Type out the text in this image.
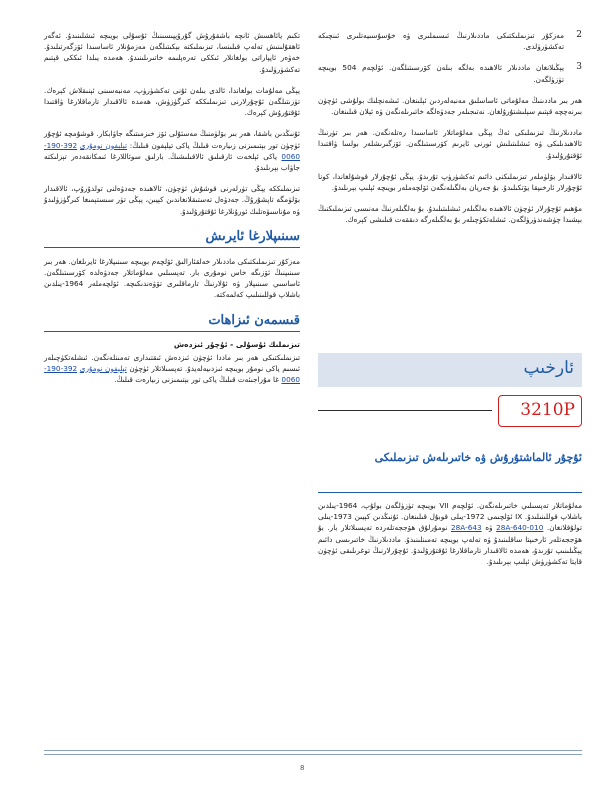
تكىم يائاھسش ئانچە باشقۇرۇش گۇرۇپپىسىنىڭ ئۇسۇلى بويىچە ئىشلىنىدۇ. ئەگەر ئاھقۇلىنىش تەلەپ قىلىنسا، تىزىملىكتە بېكىتىلگەن مەزمۇنلار ئاساسىدا ئۆزگەرتىلىدۇ. خەۋەر ئاپپاراتى بولغانلار ئىككى تەرەپلىمە خاتىرىلىنىدۇ. ھەمدە يىلدا ئىككى قېتىم تەكشۈرۈلىدۇ.

يېڭى مەلۇمات بولغاندا، ئالدى بىلەن ئۇنى تەكشۈرۈپ، مەنبەسىنى ئېنىقلاش كېرەك. تۈزىتىلگەن ئۇچۇرلارنى تىزىملىككە كىرگۈزۈش، ھەمدە ئالاقىدار تارماقلارغا ۋاقتىدا ئۇقتۇرۇش كېرەك.

ئۇنىڭدىن باشقا، ھەر بىر بۆلۈمنىڭ مەسئۇلى ئۆز خىزمىتىگە جاۋابكار. قوشۇمچە ئۇچۇر ئۈچۈن تور بېتىمىزنى زىيارەت قىلىڭ ياكى تېلېفون قىلىڭ: تېلېفون نومۇرى 392-190-0060 ياكى ئېلخەت ئارقىلىق ئالاقىلىشىڭ. بارلىق سوئاللارغا ئىمكانقەدەر تېزلىكتە جاۋاب بېرىلىدۇ.

تىزىملىككە يېڭى تۈرلەرنى قوشۇش ئۈچۈن، ئالاھىدە جەدۋەلنى تولدۇرۇپ، ئالاقىدار بۆلۈمگە تاپشۇرۇڭ. جەدۋەل تەستىقلانغاندىن كېيىن، يېڭى تۈر سىستېمىغا كىرگۈزۈلىدۇ ۋە مۇناسىۋەتلىك ئورۇنلارغا ئۇقتۇرۇلىدۇ.

سىنىپلارغا ئايرىش

مەزكۇر تىزىملىكتىكى ماددىلار خەلقئارالىق ئۆلچەم بويىچە سىنىپلارغا ئايرىلغان. ھەر بىر سىنىپنىڭ ئۆزىگە خاس نومۇرى بار. تەپسىلىي مەلۇماتلار جەدۋەلدە كۆرسىتىلگەن. ئاساسىي سىنىپلار ۋە ئۇلارنىڭ تارماقلىرى تۆۋەندىكىچە. ئۆلچەملەر 1964-يىلدىن باشلاپ قوللىنىلىپ كەلمەكتە.

قىسمەن ئىزاھات
تىزىملىك ئۇسۇلى - ئۇچۇر ئىزدەش

تىزىملىكتىكى ھەر بىر ماددا ئۈچۈن ئىزدەش ئىقتىدارى تەمىنلەنگەن. ئىشلەتكۈچىلەر ئىسىم ياكى نومۇر بويىچە ئىزدىيەلەيدۇ. تەپسىلاتلار ئۈچۈن تېلېفون نومۇرى 392-190-0060 غا مۇراجىئەت قىلىڭ ياكى تور بېتىمىزنى زىيارەت قىلىڭ.

2

مەزكۇر تىزىملىكتىكى ماددىلارنىڭ ئىسىملىرى ۋە خۇسۇسىيەتلىرى ئىنچىكە تەكشۈرۈلدى.

3

يېڭىلانغان ماددىلار ئالاھىدە بەلگە بىلەن كۆرسىتىلگەن. ئۆلچەم 504 بويىچە تۈزۈلگەن.

ھەر بىر ماددىنىڭ مەلۇماتى ئاساسلىق مەنبەلەردىن ئېلىنغان. ئىشەنچلىك بولۇشى ئۈچۈن بىرنەچچە قېتىم سېلىشتۇرۇلغان. نەتىجىلەر جەدۋەلگە خاتىرىلەنگەن ۋە ئېلان قىلىنغان.

ماددىلارنىڭ تىزىملىكى ئەڭ يېڭى مەلۇماتلار ئاساسىدا رەتلەنگەن. ھەر بىر تۈرنىڭ ئالاھىدىلىكى ۋە ئىشلىتىلىش ئورنى ئايرىم كۆرسىتىلگەن. ئۆزگىرىشلەر بولسا ۋاقتىدا ئۇقتۇرۇلىدۇ.

ئالاقىدار بۆلۈملەر تىزىملىكنى دائىم تەكشۈرۈپ تۇرىدۇ. يېڭى ئۇچۇرلار قوشۇلغاندا، كونا ئۇچۇرلار ئارخىپقا يۆتكىلىدۇ. بۇ جەريان بەلگىلەنگەن ئۆلچەملەر بويىچە ئېلىپ بېرىلىدۇ.

مۇھىم ئۇچۇرلار ئۈچۈن ئالاھىدە بەلگىلەر ئىشلىتىلىدۇ. بۇ بەلگىلەرنىڭ مەنىسى تىزىملىكنىڭ بېشىدا چۈشەندۈرۈلگەن. ئىشلەتكۈچىلەر بۇ بەلگىلەرگە دىققەت قىلىشى كېرەك.

ئارخىپ
3210P
ئۇچۇر ئالماشتۇرۇش ۋە خاتىرىلەش تىزىملىكى

مەلۇماتلار تەپسىلىي خاتىرىلەنگەن. ئۆلچەم VII بويىچە تۈزۈلگەن بولۇپ، 1964-يىلدىن باشلاپ قوللىنىلىدۇ. IX ئۆلچىمى 1972-يىلى قوبۇل قىلىنغان. ئۇنىڭدىن كېيىن 1973-يىلى تولۇقلانغان. 28A-640-010 ۋە 28A-643 نومۇرلۇق ھۆججەتلەردە تەپسىلاتلار بار. بۇ ھۆججەتلەر ئارخىپتا ساقلىنىدۇ ۋە تەلەپ بويىچە تەمىنلىنىدۇ. ماددىلارنىڭ خاتىرىسى دائىم يېڭىلىنىپ تۇرىدۇ، ھەمدە ئالاقىدار تارماقلارغا ئۇقتۇرۇلىدۇ. ئۇچۇرلارنىڭ توغرىلىقى ئۈچۈن قايتا تەكشۈرۈش ئېلىپ بېرىلىدۇ.

8
